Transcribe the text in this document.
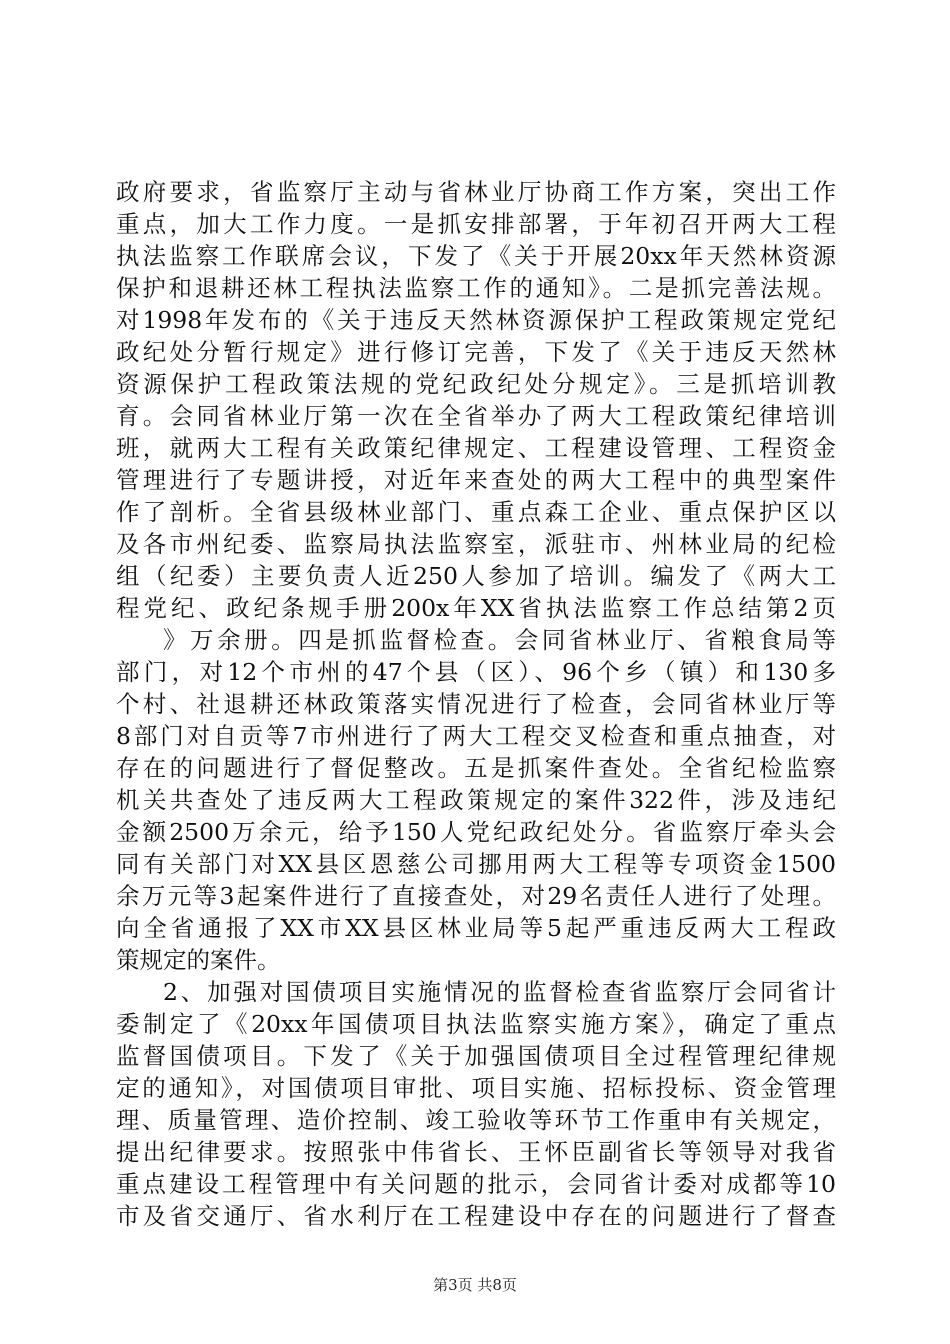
政府要求，省监察厅主动与省林业厅协商工作方案，突出工作
重点，加大工作力度。一是抓安排部署，于年初召开两大工程
执法监察工作联席会议，下发了《关于开展20xx年天然林资源
保护和退耕还林工程执法监察工作的通知》。二是抓完善法规。
对1998年发布的《关于违反天然林资源保护工程政策规定党纪
政纪处分暂行规定》进行修订完善，下发了《关于违反天然林
资源保护工程政策法规的党纪政纪处分规定》。三是抓培训教
育。会同省林业厅第一次在全省举办了两大工程政策纪律培训
班，就两大工程有关政策纪律规定、工程建设管理、工程资金
管理进行了专题讲授，对近年来查处的两大工程中的典型案件
作了剖析。全省县级林业部门、重点森工企业、重点保护区以
及各市州纪委、监察局执法监察室，派驻市、州林业局的纪检
组（纪委）主要负责人近250人参加了培训。编发了《两大工
程党纪、政纪条规手册200x年XX省执法监察工作总结第2页
》万余册。四是抓监督检查。会同省林业厅、省粮食局等
部门，对12个市州的47个县（区）、96个乡（镇）和130多
个村、社退耕还林政策落实情况进行了检查，会同省林业厅等
8部门对自贡等7市州进行了两大工程交叉检查和重点抽查，对
存在的问题进行了督促整改。五是抓案件查处。全省纪检监察
机关共查处了违反两大工程政策规定的案件322件，涉及违纪
金额2500万余元，给予150人党纪政纪处分。省监察厅牵头会
同有关部门对XX县区恩慈公司挪用两大工程等专项资金1500
余万元等3起案件进行了直接查处，对29名责任人进行了处理。
向全省通报了XX市XX县区林业局等5起严重违反两大工程政
策规定的案件。
2、加强对国债项目实施情况的监督检查省监察厅会同省计
委制定了《20xx年国债项目执法监察实施方案》，确定了重点
监督国债项目。下发了《关于加强国债项目全过程管理纪律规
定的通知》，对国债项目审批、项目实施、招标投标、资金管理
理、质量管理、造价控制、竣工验收等环节工作重申有关规定，
提出纪律要求。按照张中伟省长、王怀臣副省长等领导对我省
重点建设工程管理中有关问题的批示，会同省计委对成都等10
市及省交通厅、省水利厅在工程建设中存在的问题进行了督查
第3页 共8页
